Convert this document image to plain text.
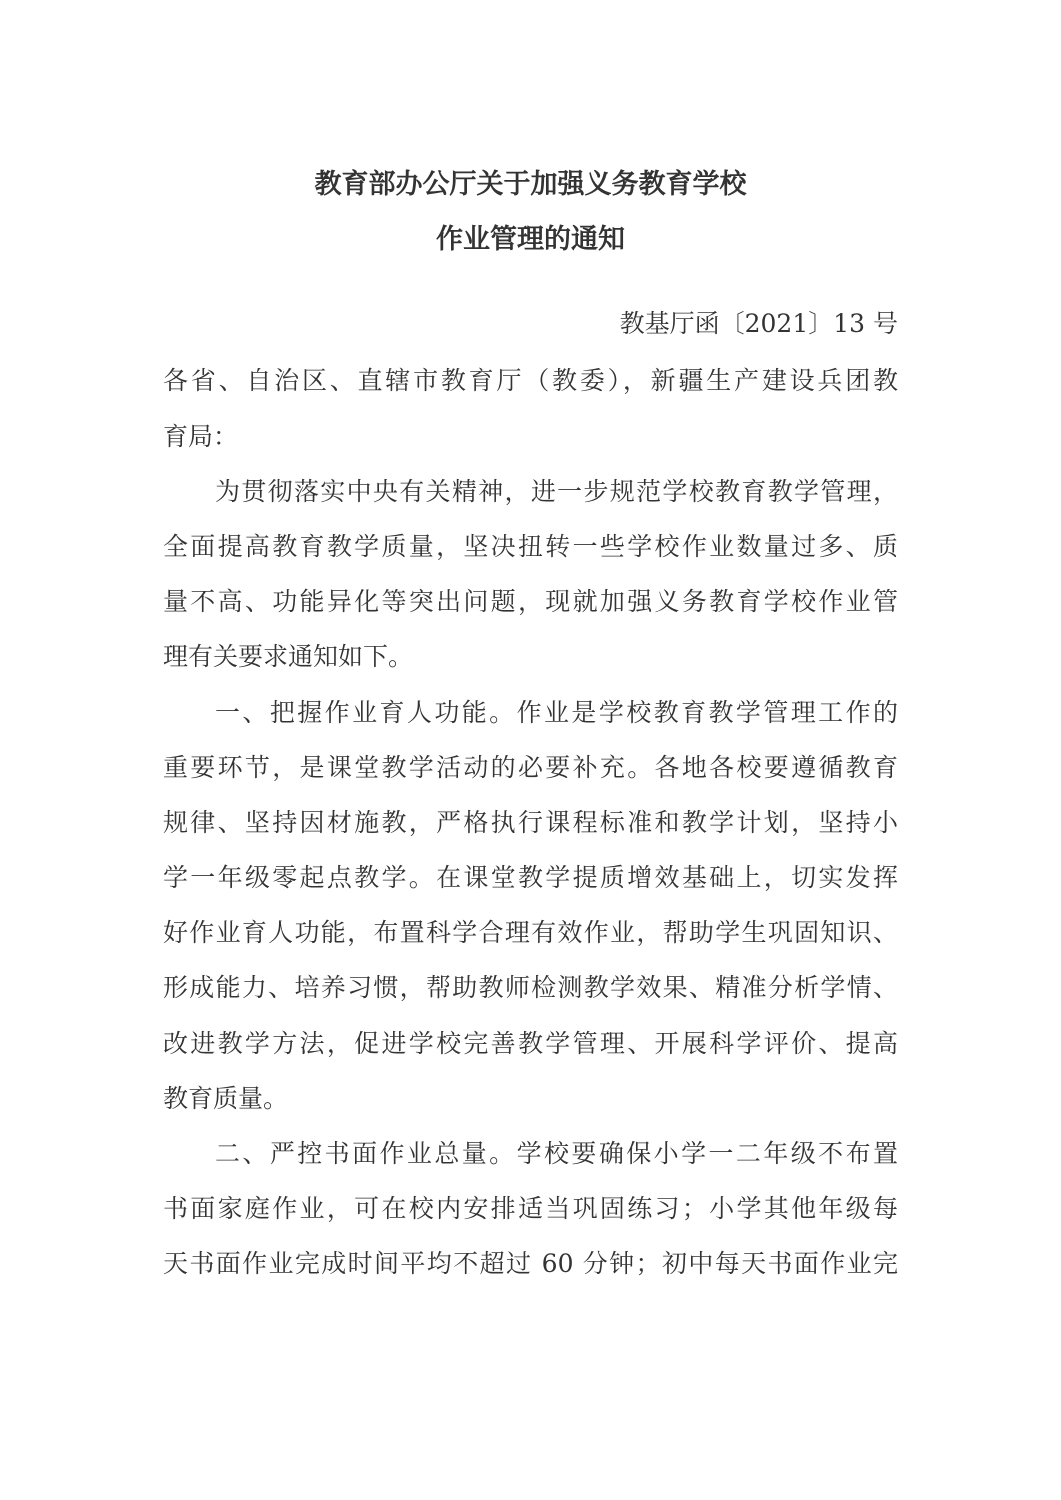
教育部办公厅关于加强义务教育学校
作业管理的通知
教基厅函〔2021〕13 号
各省、自治区、直辖市教育厅（教委），新疆生产建设兵团教
育局：
为贯彻落实中央有关精神，进一步规范学校教育教学管理，
全面提高教育教学质量，坚决扭转一些学校作业数量过多、质
量不高、功能异化等突出问题，现就加强义务教育学校作业管
理有关要求通知如下。
一、把握作业育人功能。作业是学校教育教学管理工作的
重要环节，是课堂教学活动的必要补充。各地各校要遵循教育
规律、坚持因材施教，严格执行课程标准和教学计划，坚持小
学一年级零起点教学。在课堂教学提质增效基础上，切实发挥
好作业育人功能，布置科学合理有效作业，帮助学生巩固知识、
形成能力、培养习惯，帮助教师检测教学效果、精准分析学情、
改进教学方法，促进学校完善教学管理、开展科学评价、提高
教育质量。
二、严控书面作业总量。学校要确保小学一二年级不布置
书面家庭作业，可在校内安排适当巩固练习；小学其他年级每
天书面作业完成时间平均不超过 60 分钟；初中每天书面作业完
